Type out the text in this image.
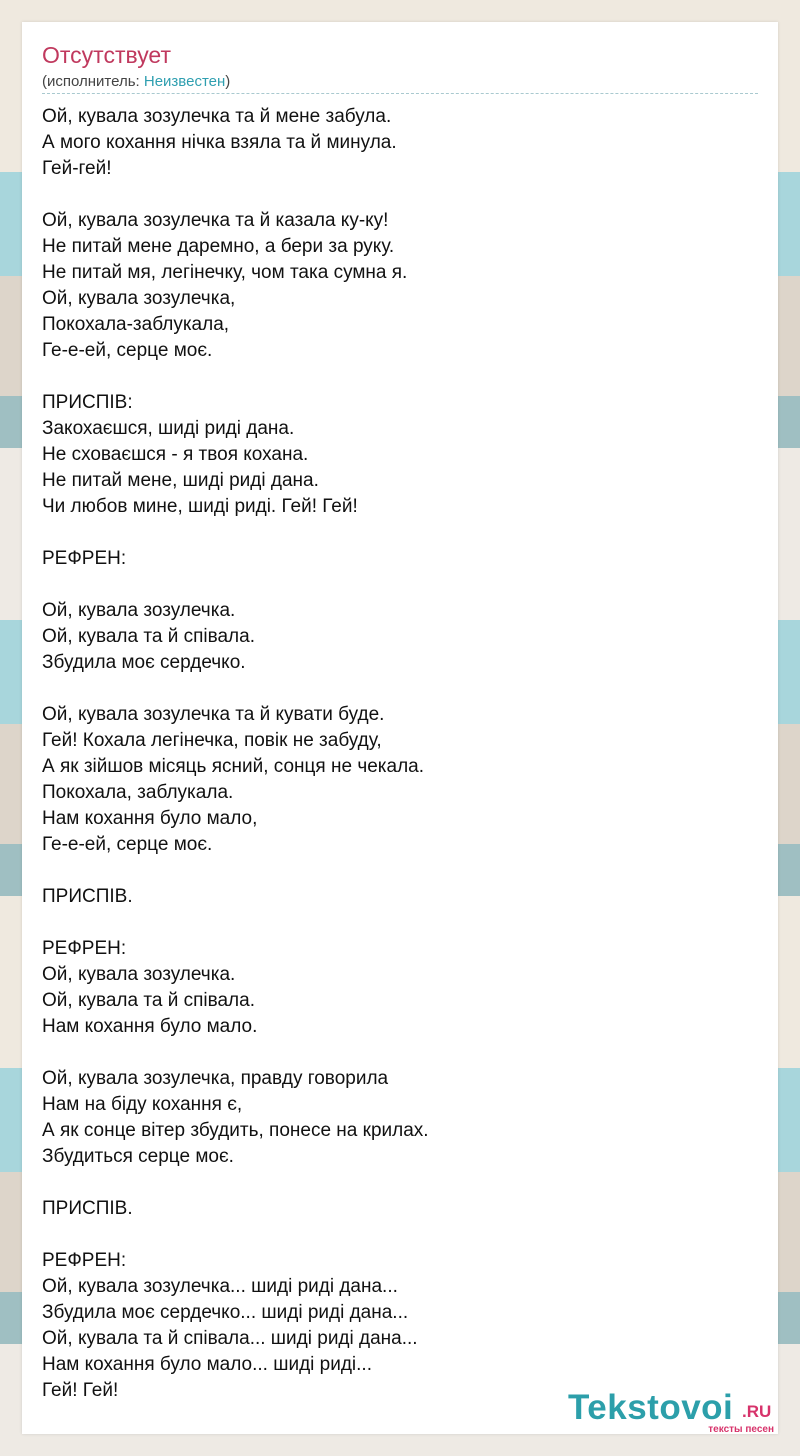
Отсутствует
(исполнитель: Неизвестен)
Ой, кувала зозулечка та й мене забула.
А мого кохання нічка взяла та й минула.
Гей-гей!
Ой, кувала зозулечка та й казала ку-ку!
Не питай мене даремно, а бери за руку.
Не питай мя, легінечку, чом така сумна я.
Ой, кувала зозулечка,
Покохала-заблукала,
Ге-е-ей, серце моє.
ПРИСПІВ:
Закохаєшся, шиді риді дана.
Не сховаєшся - я твоя кохана.
Не питай мене, шиді риді дана.
Чи любов мине, шиді риді. Гей! Гей!
РЕФРЕН:
Ой, кувала зозулечка.
Ой, кувала та й співала.
Збудила моє сердечко.
Ой, кувала зозулечка та й кувати буде.
Гей! Кохала легінечка, повік не забуду,
А як зійшов місяць ясний, сонця не чекала.
Покохала, заблукала.
Нам кохання було мало,
Ге-е-ей, серце моє.
ПРИСПІВ.
РЕФРЕН:
Ой, кувала зозулечка.
Ой, кувала та й співала.
Нам кохання було мало.
Ой, кувала зозулечка, правду говорила
Нам на біду кохання є,
А як сонце вітер збудить, понесе на крилах.
Збудиться серце моє.
ПРИСПІВ.
РЕФРЕН:
Ой, кувала зозулечка... шиді риді дана...
Збудила моє сердечко... шиді риді дана...
Ой, кувала та й співала... шиді риді дана...
Нам кохання було мало... шиді риді...
Гей! Гей!	Tekstovoi .RU
тексты песен
